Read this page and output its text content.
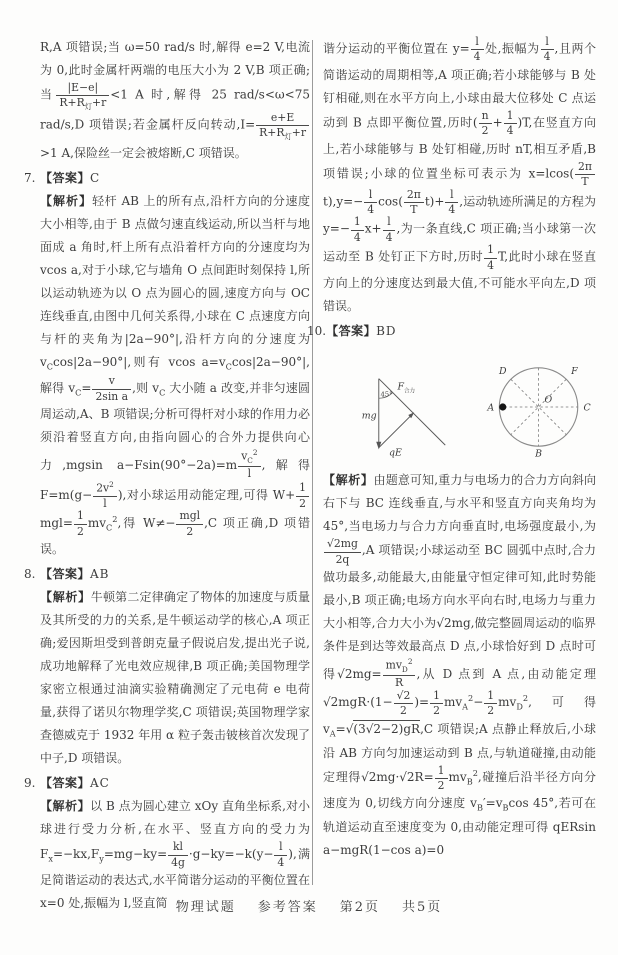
R,A 项错误;当 ω=50 rad/s 时,解得 e=2 V,电流为 0,此时金属杆两端的电压大小为 2 V,B 项正确;当	|E−e|
$R+R_灯+r$
<1 A 时,解得 25 rad/s<ω<75 rad/s,D 项错误;若金属杆反向转动,I=	e+E
$R+R_灯+r$
>1 A,保险丝一定会被熔断,C 项错误。
7. 【答案】C
【解析】轻杆 AB 上的所有点,沿杆方向的分速度大小相等,由于 B 点做匀速直线运动,所以当杆与地面成 a 角时,杆上所有点沿着杆方向的分速度均为 vcos a,对于小球,它与墙角 O 点间距时刻保持 l,所以运动轨迹为以 O 点为圆心的圆,速度方向与 OC 连线垂直,由图中几何关系得,小球在 C 点速度方向与杆的夹角为|2a−90°|,沿杆方向的分速度为 $v_C\cos|2a-90^\circ|$,则有 vcos $a=v_C\cos|2a-90^\circ|$,解得 $v_C= \frac{v}{\text{2sin a}}$ ,则 $v_C$ 大小随 a 改变,并非匀速圆周运动,A、B 项错误;分析可得杆对小球的作用力必须沿着竖直方向,由指向圆心的合外力提供向心力,mgsin $a-Fsin(90^\circ-2a)=m \frac{v_C^2}{l}$ ,解得 $F=m(g- \frac{2v^2}{l}$ ),对小球运用动能定理,可得 $W+ \frac{1}{2}$
$mgl= \frac{1}{2} mv_C^2$,得 W≠− mgl
2
,C 项正确,D 项错误。
8. 【答案】AB
【解析】牛顿第二定律确定了物体的加速度与质量及其所受的力的关系,是牛顿运动学的核心,A 项正确;爱因斯坦受到普朗克量子假说启发,提出光子说,成功地解释了光电效应规律,B 项正确;美国物理学家密立根通过油滴实验精确测定了元电荷 e 电荷量,获得了诺贝尔物理学奖,C 项错误;英国物理学家查德威克于 1932 年用 α 粒子轰击铍核首次发现了中子,D 项错误。
9. 【答案】AC
【解析】以 B 点为圆心建立 xOy 直角坐标系,对小球进行受力分析,在水平、竖直方向的受力为 $F_x=-kx,F_y=mg-ky= \frac{kl}{4g} \cdot g-ky=-k(y- \frac{l}{4}$ ),满足简谐运动的表达式,水平简谐分运动的平衡位置在 x=0 处,振幅为 l,竖直简
谐分运动的平衡位置在 $y= \frac{l}{4}$ 处,振幅为 $\frac{l}{4}$ ,且两个简谐运动的周期相等,A 项正确;若小球能够与 B 处钉相碰,则在水平方向上,小球由最大位移处 C 点运动到 B 点即平衡位置,历时( $\frac{n}{2} + \frac{1}{4} )T$,在竖直方向上,若小球能够与 B 处钉相碰,历时 nT,相互矛盾,B 项错误;小球的位置坐标可表示为 $x=lcos( \frac{2\pi}{T}$
$t),y=- \frac{l}{4} \cos( \frac{2\pi}{T} t)+ \frac{l}{4}$ ,运动轨迹所满足的方程为 $y=- \frac{1}{4} x+ \frac{l}{4}$ ,为一条直线,C 项正确;当小球第一次运动至 B 处钉正下方时,历时 $\frac{1}{4} T$,此时小球在竖直方向上的分速度达到最大值,不可能水平向左,D 项错误。
10.【答案】BD
45°
$F_{合力}$
mg
qE
D	F
A
O
C
B
【解析】由题意可知,重力与电场力的合力方向斜向右下与 BC 连线垂直,与水平和竖直方向夹角均为 45°,当电场力与合力方向垂直时,电场强度最小,为
$\frac{√2mg}{2q} ,A$ 项错误;小球运动至 BC 圆弧中点时,合力做功最多,动能最大,由能量守恒定律可知,此时势能最小,B 项正确;电场方向水平向右时,电场力与重力大小相等,合力大小为√2mg,做完整圆周运动的临界条件是到达等效最高点 D 点,小球恰好到 D 点时可得√2mg=
$mv_D^2$
R
,从 D 点到 A 点,由动能定理$√2mgR\cdot(1- \frac{√2}{2}$ )= $\frac{1}{2} mv_A^2- \frac{1}{2} mv_D^2$,可得 $v_A=√(3√2-2)gR,C$ 项错误;A 点静止释放后,小球沿 AB 方向匀加速运动到 B 点,与轨道碰撞,由动能定理得$√2mg\cdot√2R= \frac{1}{2} mv_B^2$,碰撞后沿半径方向分速度为 0,切线方向分速度 $v_B'=v_B\cos$ 45°,若可在轨道运动直至速度变为 0,由动能定理可得 qERsin a−mgR(1−cos a)=0
物理试题 参考答案 第2页 共5页
